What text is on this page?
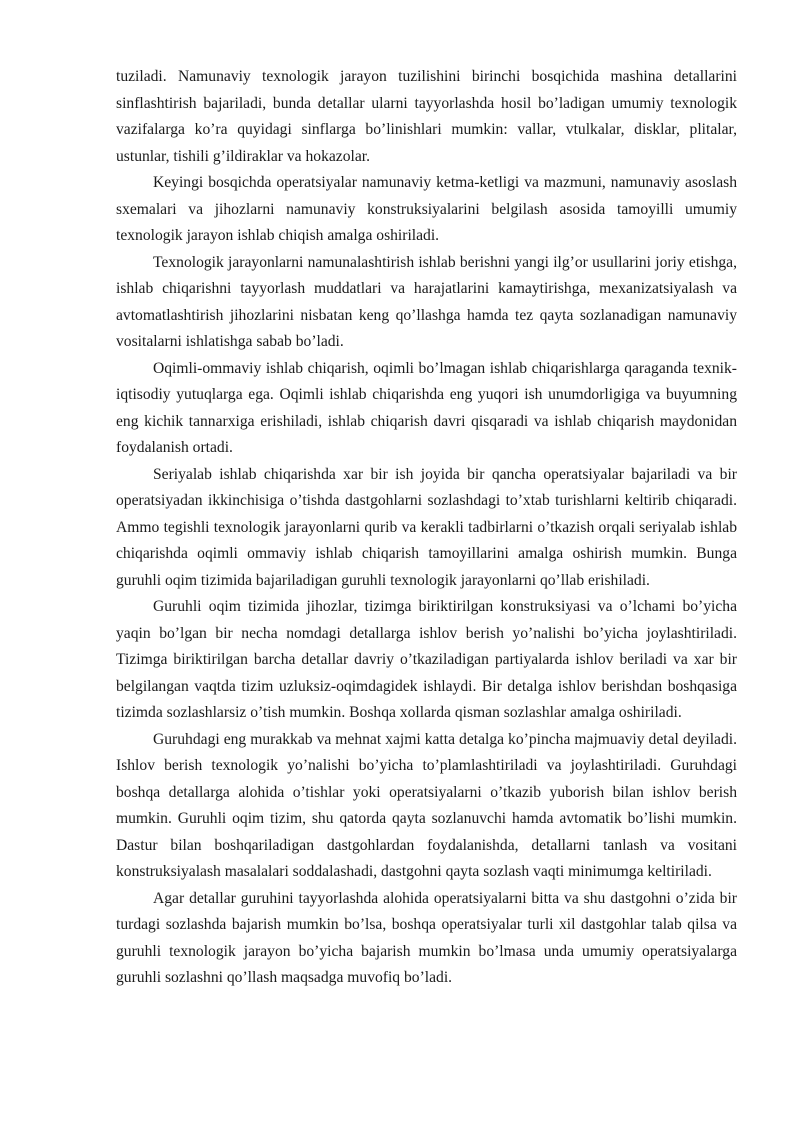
tuziladi. Namunaviy texnologik jarayon tuzilishini birinchi bosqichida mashina detallarini sinflashtirish bajariladi, bunda detallar ularni tayyorlashda hosil bo’ladigan umumiy texnologik vazifalarga ko’ra quyidagi sinflarga bo’linishlari mumkin: vallar, vtulkalar, disklar, plitalar, ustunlar, tishili g’ildiraklar va hokazolar.

Keyingi bosqichda operatsiyalar namunaviy ketma-ketligi va mazmuni, namunaviy asoslash sxemalari va jihozlarni namunaviy konstruksiyalarini belgilash asosida tamoyilli umumiy texnologik jarayon ishlab chiqish amalga oshiriladi.

Texnologik jarayonlarni namunalashtirish ishlab berishni yangi ilg’or usullarini joriy etishga, ishlab chiqarishni tayyorlash muddatlari va harajatlarini kamaytirishga, mexanizatsiyalash va avtomatlashtirish jihozlarini nisbatan keng qo’llashga hamda tez qayta sozlanadigan namunaviy vositalarni ishlatishga sabab bo’ladi.

Oqimli-ommaviy ishlab chiqarish, oqimli bo’lmagan ishlab chiqarishlarga qaraganda texnik-iqtisodiy yutuqlarga ega. Oqimli ishlab chiqarishda eng yuqori ish unumdorligiga va buyumning eng kichik tannarxiga erishiladi, ishlab chiqarish davri qisqaradi va ishlab chiqarish maydonidan foydalanish ortadi.

Seriyalab ishlab chiqarishda xar bir ish joyida bir qancha operatsiyalar bajariladi va bir operatsiyadan ikkinchisiga o’tishda dastgohlarni sozlashdagi to’xtab turishlarni keltirib chiqaradi. Ammo tegishli texnologik jarayonlarni qurib va kerakli tadbirlarni o’tkazish orqali seriyalab ishlab chiqarishda oqimli ommaviy ishlab chiqarish tamoyillarini amalga oshirish mumkin. Bunga guruhli oqim tizimida bajariladigan guruhli texnologik jarayonlarni qo’llab erishiladi.

Guruhli oqim tizimida jihozlar, tizimga biriktirilgan konstruksiyasi va o’lchami bo’yicha yaqin bo’lgan bir necha nomdagi detallarga ishlov berish yo’nalishi bo’yicha joylashtiriladi. Tizimga biriktirilgan barcha detallar davriy o’tkaziladigan partiyalarda ishlov beriladi va xar bir belgilangan vaqtda tizim uzluksiz-oqimdagidek ishlaydi. Bir detalga ishlov berishdan boshqasiga tizimda sozlashlarsiz o’tish mumkin. Boshqa xollarda qisman sozlashlar amalga oshiriladi.

Guruhdagi eng murakkab va mehnat xajmi katta detalga ko’pincha majmuaviy detal deyiladi. Ishlov berish texnologik yo’nalishi bo’yicha to’plamlashtiriladi va joylashtiriladi. Guruhdagi boshqa detallarga alohida o’tishlar yoki operatsiyalarni o’tkazib yuborish bilan ishlov berish mumkin. Guruhli oqim tizim, shu qatorda qayta sozlanuvchi hamda avtomatik bo’lishi mumkin. Dastur bilan boshqariladigan dastgohlardan foydalanishda, detallarni tanlash va vositani konstruksiyalash masalalari soddalashadi, dastgohni qayta sozlash vaqti minimumga keltiriladi.

Agar detallar guruhini tayyorlashda alohida operatsiyalarni bitta va shu dastgohni o’zida bir turdagi sozlashda bajarish mumkin bo’lsa, boshqa operatsiyalar turli xil dastgohlar talab qilsa va guruhli texnologik jarayon bo’yicha bajarish mumkin bo’lmasa unda umumiy operatsiyalarga guruhli sozlashni qo’llash maqsadga muvofiq bo’ladi.
